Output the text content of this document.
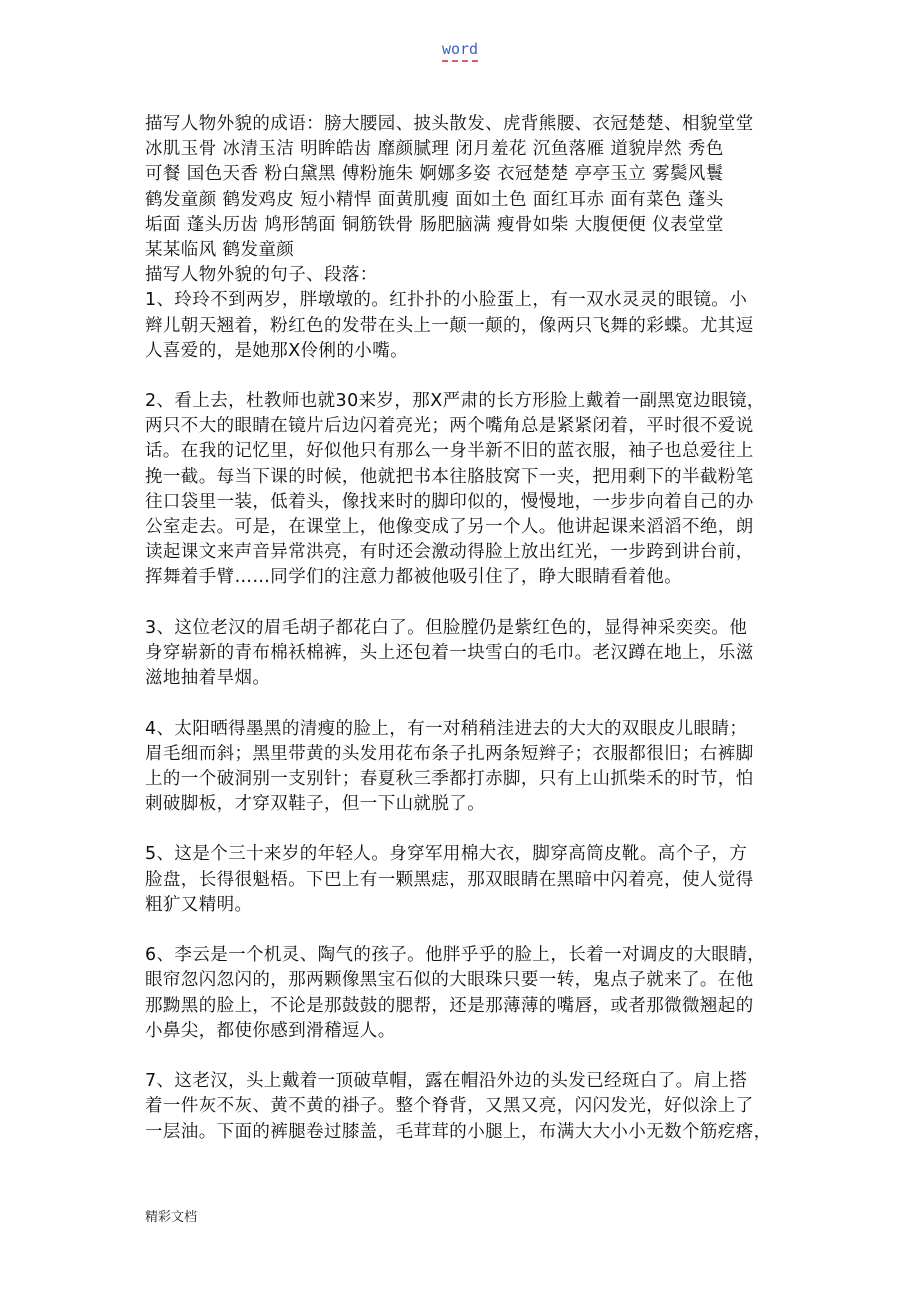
word
描写人物外貌的成语：膀大腰园、披头散发、虎背熊腰、衣冠楚楚、相貌堂堂
冰肌玉骨 冰清玉洁 明眸皓齿 靡颜腻理 闭月羞花 沉鱼落雁 道貌岸然 秀色
可餐 国色天香 粉白黛黑 傅粉施朱 婀娜多姿 衣冠楚楚 亭亭玉立 雾鬓风鬟
鹤发童颜 鹤发鸡皮 短小精悍 面黄肌瘦 面如土色 面红耳赤 面有菜色 蓬头
垢面 蓬头历齿 鸠形鹄面 铜筋铁骨 肠肥脑满 瘦骨如柴 大腹便便 仪表堂堂
某某临风 鹤发童颜
描写人物外貌的句子、段落：
1、玲玲不到两岁，胖墩墩的。红扑扑的小脸蛋上，有一双水灵灵的眼镜。小
辫儿朝天翘着，粉红色的发带在头上一颠一颠的，像两只飞舞的彩蝶。尤其逗
人喜爱的，是她那X伶俐的小嘴。
2、看上去，杜教师也就30来岁，那X严肃的长方形脸上戴着一副黑宽边眼镜，
两只不大的眼睛在镜片后边闪着亮光；两个嘴角总是紧紧闭着，平时很不爱说
话。在我的记忆里，好似他只有那么一身半新不旧的蓝衣服，袖子也总爱往上
挽一截。每当下课的时候，他就把书本往胳肢窝下一夹，把用剩下的半截粉笔
往口袋里一装，低着头，像找来时的脚印似的，慢慢地，一步步向着自己的办
公室走去。可是，在课堂上，他像变成了另一个人。他讲起课来滔滔不绝，朗
读起课文来声音异常洪亮，有时还会激动得脸上放出红光，一步跨到讲台前，
挥舞着手臂……同学们的注意力都被他吸引住了，睁大眼睛看着他。
3、这位老汉的眉毛胡子都花白了。但脸膛仍是紫红色的，显得神采奕奕。他
身穿崭新的青布棉袄棉裤，头上还包着一块雪白的毛巾。老汉蹲在地上，乐滋
滋地抽着旱烟。
4、太阳晒得墨黑的清瘦的脸上，有一对稍稍洼进去的大大的双眼皮儿眼睛；
眉毛细而斜；黑里带黄的头发用花布条子扎两条短辫子；衣服都很旧；右裤脚
上的一个破洞别一支别针；春夏秋三季都打赤脚，只有上山抓柴禾的时节，怕
刺破脚板，才穿双鞋子，但一下山就脱了。
5、这是个三十来岁的年轻人。身穿军用棉大衣，脚穿高筒皮靴。高个子，方
脸盘，长得很魁梧。下巴上有一颗黑痣，那双眼睛在黑暗中闪着亮，使人觉得
粗犷又精明。
6、李云是一个机灵、陶气的孩子。他胖乎乎的脸上，长着一对调皮的大眼睛，
眼帘忽闪忽闪的，那两颗像黑宝石似的大眼珠只要一转，鬼点子就来了。在他
那黝黑的脸上，不论是那鼓鼓的腮帮，还是那薄薄的嘴唇，或者那微微翘起的
小鼻尖，都使你感到滑稽逗人。
7、这老汉，头上戴着一顶破草帽，露在帽沿外边的头发已经斑白了。肩上搭
着一件灰不灰、黄不黄的褂子。整个脊背，又黑又亮，闪闪发光，好似涂上了
一层油。下面的裤腿卷过膝盖，毛茸茸的小腿上，布满大大小小无数个筋疙瘩，
精彩文档
